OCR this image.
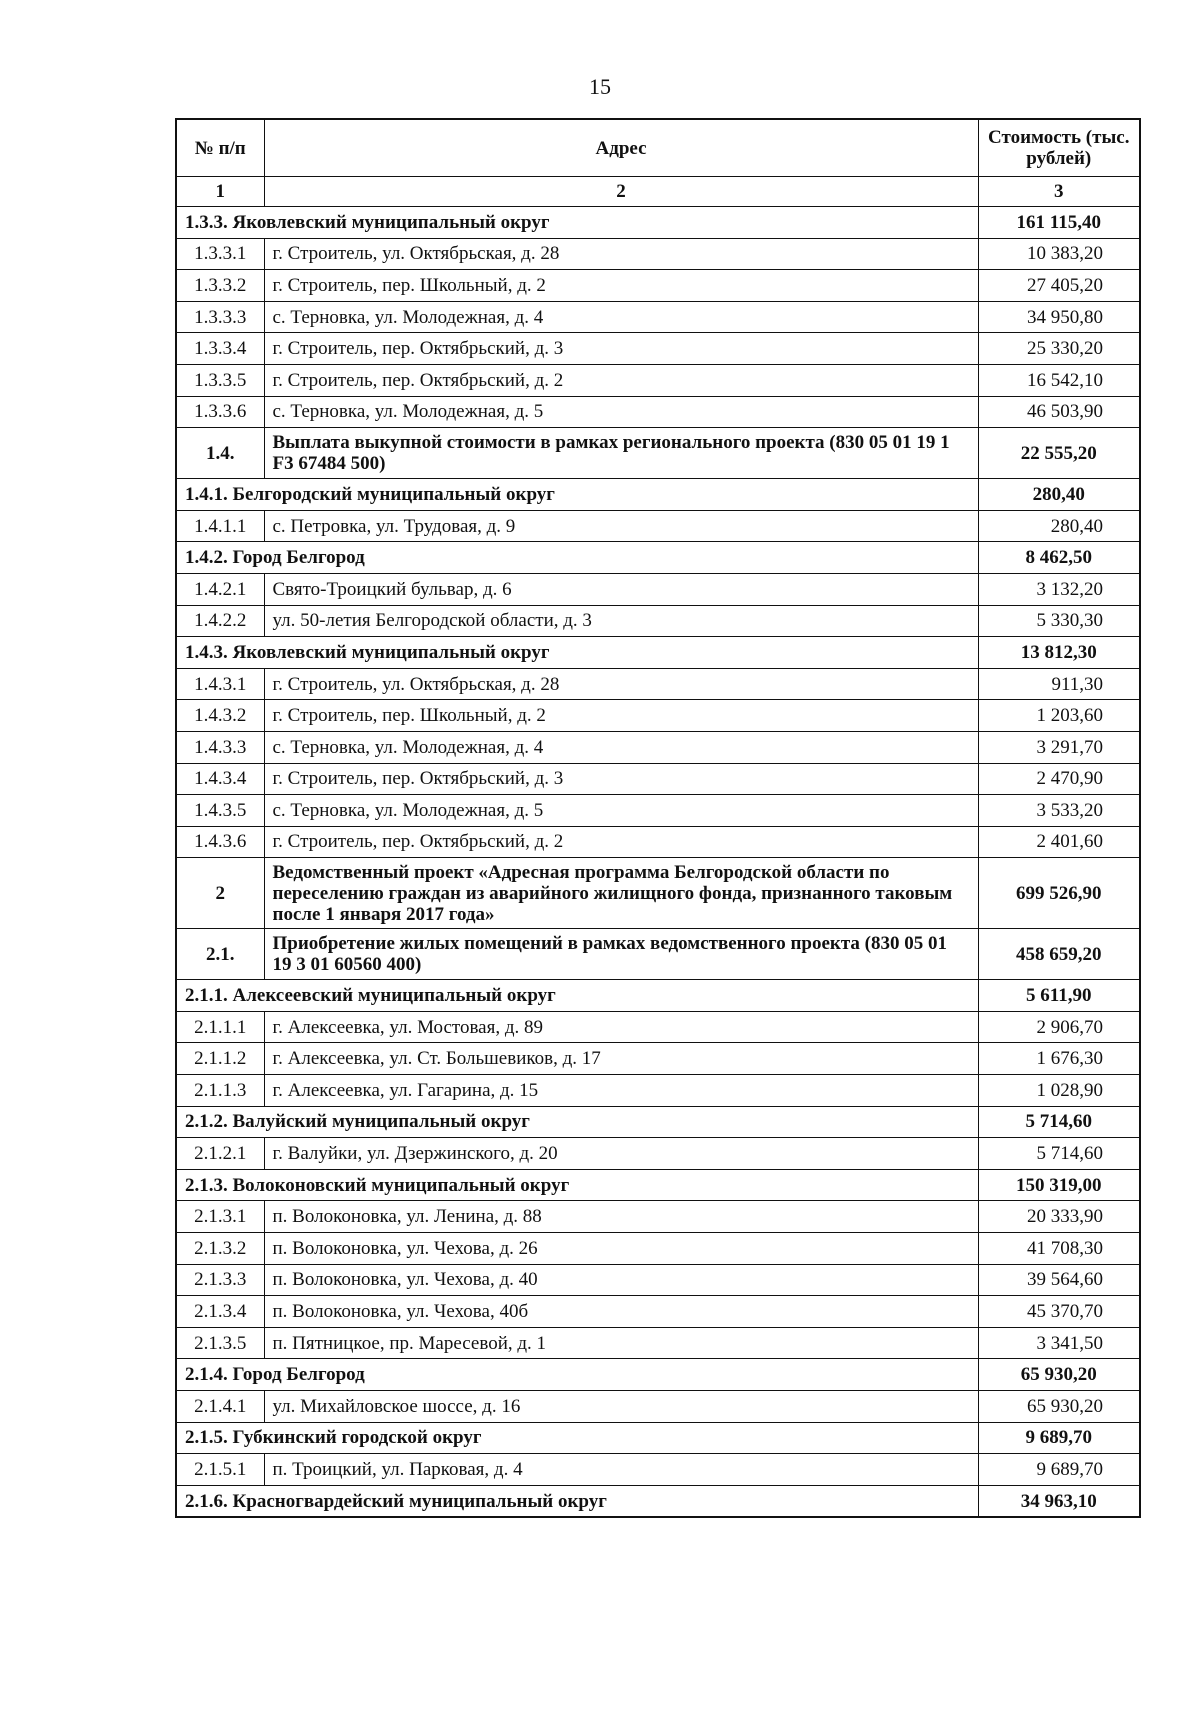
15
№ п/п	Адрес	Стоимость (тыс. рублей)
1	2	3
1.3.3. Яковлевский муниципальный округ		161 115,40
1.3.3.1	г. Строитель, ул. Октябрьская, д. 28	10 383,20
1.3.3.2	г. Строитель, пер. Школьный, д. 2	27 405,20
1.3.3.3	с. Терновка, ул. Молодежная, д. 4	34 950,80
1.3.3.4	г. Строитель, пер. Октябрьский, д. 3	25 330,20
1.3.3.5	г. Строитель, пер. Октябрьский, д. 2	16 542,10
1.3.3.6	с. Терновка, ул. Молодежная, д. 5	46 503,90
1.4.	Выплата выкупной стоимости в рамках регионального проекта (830 05 01 19 1 F3 67484 500)	22 555,20
1.4.1. Белгородский муниципальный округ		280,40
1.4.1.1	с. Петровка, ул. Трудовая, д. 9	280,40
1.4.2. Город Белгород		8 462,50
1.4.2.1	Свято-Троицкий бульвар, д. 6	3 132,20
1.4.2.2	ул. 50-летия Белгородской области, д. 3	5 330,30
1.4.3. Яковлевский муниципальный округ		13 812,30
1.4.3.1	г. Строитель, ул. Октябрьская, д. 28	911,30
1.4.3.2	г. Строитель, пер. Школьный, д. 2	1 203,60
1.4.3.3	с. Терновка, ул. Молодежная, д. 4	3 291,70
1.4.3.4	г. Строитель, пер. Октябрьский, д. 3	2 470,90
1.4.3.5	с. Терновка, ул. Молодежная, д. 5	3 533,20
1.4.3.6	г. Строитель, пер. Октябрьский, д. 2	2 401,60
2	Ведомственный проект «Адресная программа Белгородской области по переселению граждан из аварийного жилищного фонда, признанного таковым после 1 января 2017 года»	699 526,90
2.1.	Приобретение жилых помещений в рамках ведомственного проекта (830 05 01 19 3 01 60560 400)	458 659,20
2.1.1. Алексеевский муниципальный округ		5 611,90
2.1.1.1	г. Алексеевка, ул. Мостовая, д. 89	2 906,70
2.1.1.2	г. Алексеевка, ул. Ст. Большевиков, д. 17	1 676,30
2.1.1.3	г. Алексеевка, ул. Гагарина, д. 15	1 028,90
2.1.2. Валуйский муниципальный округ		5 714,60
2.1.2.1	г. Валуйки, ул. Дзержинского, д. 20	5 714,60
2.1.3. Волоконовский муниципальный округ		150 319,00
2.1.3.1	п. Волоконовка, ул. Ленина, д. 88	20 333,90
2.1.3.2	п. Волоконовка, ул. Чехова, д. 26	41 708,30
2.1.3.3	п. Волоконовка, ул. Чехова, д. 40	39 564,60
2.1.3.4	п. Волоконовка, ул. Чехова, 40б	45 370,70
2.1.3.5	п. Пятницкое, пр. Маресевой, д. 1	3 341,50
2.1.4. Город Белгород		65 930,20
2.1.4.1	ул. Михайловское шоссе, д. 16	65 930,20
2.1.5. Губкинский городской округ		9 689,70
2.1.5.1	п. Троицкий, ул. Парковая, д. 4	9 689,70
2.1.6. Красногвардейский муниципальный округ		34 963,10
